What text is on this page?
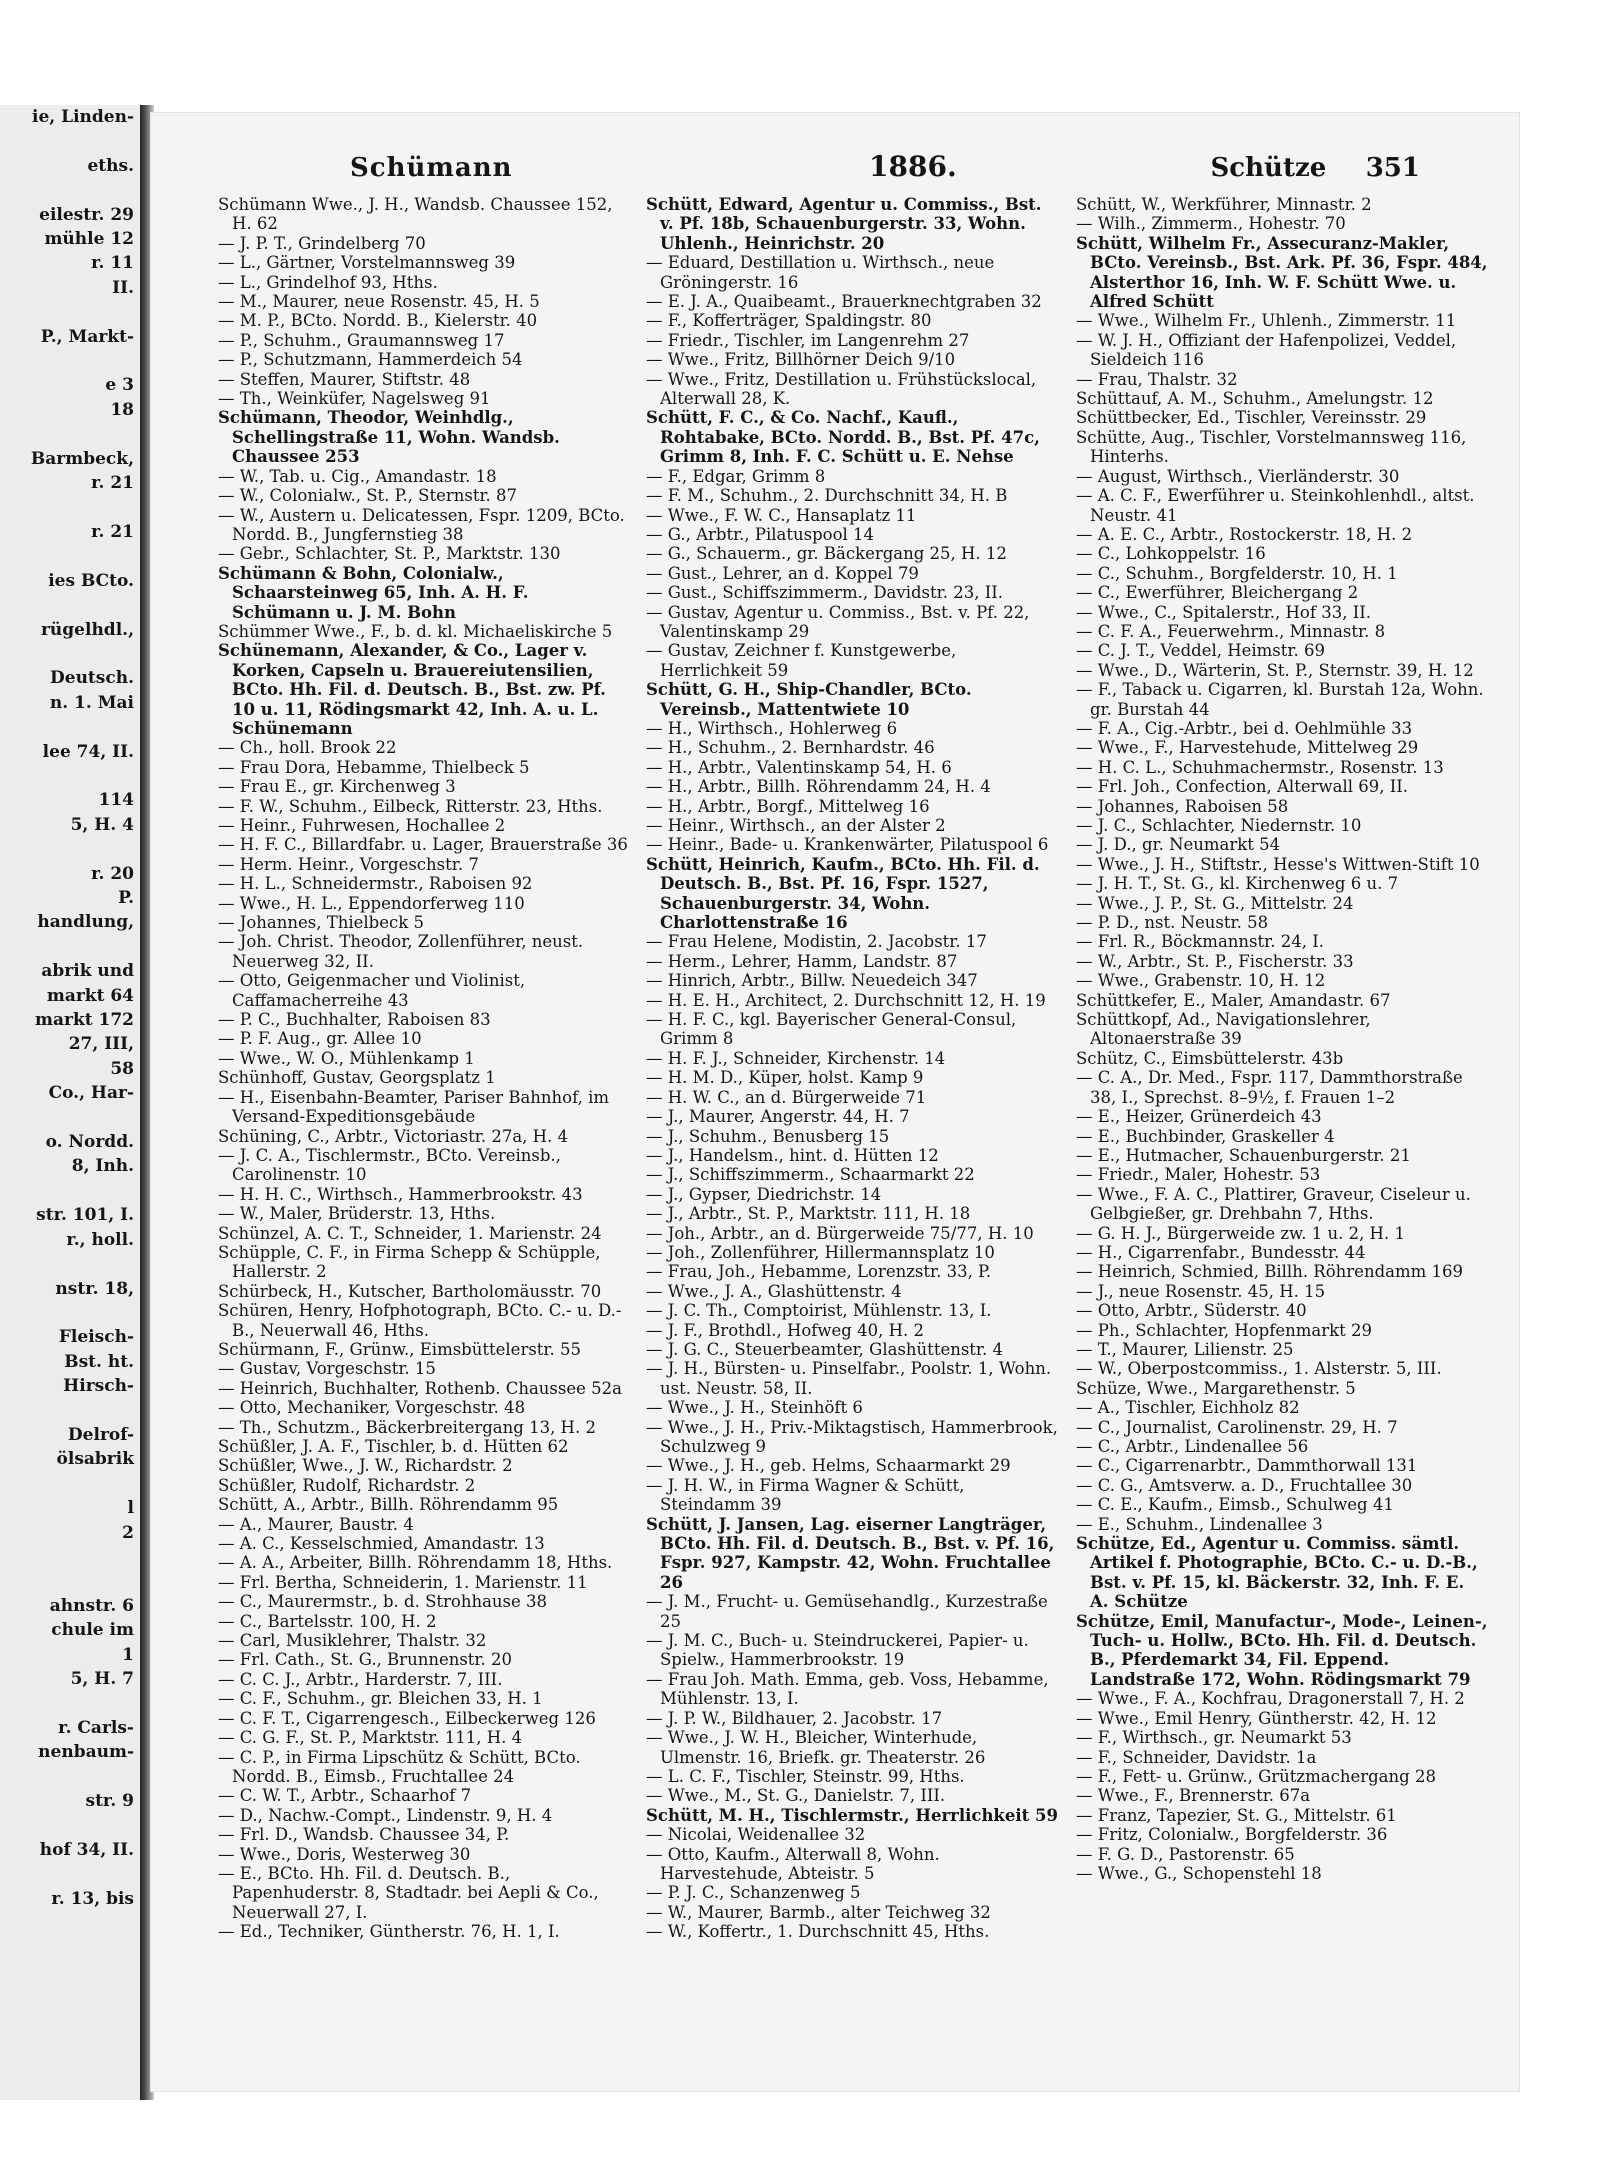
ie, Linden-

eths.

eilestr. 29
mühle 12
r. 11
II.

P., Markt-

e 3
18

Barmbeck,
r. 21

r. 21

ies BCto.

rügelhdl.,

Deutsch.
n. 1. Mai

lee 74, II.

114
5, H. 4

r. 20
P.
handlung,

abrik und
markt 64
markt 172
27, III,
58
Co., Har-

o. Nordd.
8, Inh.

str. 101, I.
r., holl.

nstr. 18,

Fleisch-
Bst. ht.
Hirsch-

Delrof-
ölsabrik

l
2

ahnstr. 6
chule im
1
5, H. 7

r. Carls-
nenbaum-

str. 9

hof 34, II.

r. 13, bis
Schümann	1886.	Schütze 351

Schümann Wwe., J. H., Wandsb. Chaussee 152, H. 62

— J. P. T., Grindelberg 70

— L., Gärtner, Vorstelmannsweg 39

— L., Grindelhof 93, Hths.

— M., Maurer, neue Rosenstr. 45, H. 5

— M. P., BCto. Nordd. B., Kielerstr. 40

— P., Schuhm., Graumannsweg 17

— P., Schutzmann, Hammerdeich 54

— Steffen, Maurer, Stiftstr. 48

— Th., Weinküfer, Nagelsweg 91

Schümann, Theodor, Weinhdlg., Schellingstraße 11, Wohn. Wandsb. Chaussee 253

— W., Tab. u. Cig., Amandastr. 18

— W., Colonialw., St. P., Sternstr. 87

— W., Austern u. Delicatessen, Fspr. 1209, BCto. Nordd. B., Jungfernstieg 38

— Gebr., Schlachter, St. P., Marktstr. 130

Schümann & Bohn, Colonialw., Schaarsteinweg 65, Inh. A. H. F. Schümann u. J. M. Bohn

Schümmer Wwe., F., b. d. kl. Michaeliskirche 5

Schünemann, Alexander, & Co., Lager v. Korken, Capseln u. Brauereiutensilien, BCto. Hh. Fil. d. Deutsch. B., Bst. zw. Pf. 10 u. 11, Rödingsmarkt 42, Inh. A. u. L. Schünemann

— Ch., holl. Brook 22

— Frau Dora, Hebamme, Thielbeck 5

— Frau E., gr. Kirchenweg 3

— F. W., Schuhm., Eilbeck, Ritterstr. 23, Hths.

— Heinr., Fuhrwesen, Hochallee 2

— H. F. C., Billardfabr. u. Lager, Brauerstraße 36

— Herm. Heinr., Vorgeschstr. 7

— H. L., Schneidermstr., Raboisen 92

— Wwe., H. L., Eppendorferweg 110

— Johannes, Thielbeck 5

— Joh. Christ. Theodor, Zollenführer, neust. Neuerweg 32, II.

— Otto, Geigenmacher und Violinist, Caffamacherreihe 43

— P. C., Buchhalter, Raboisen 83

— P. F. Aug., gr. Allee 10

— Wwe., W. O., Mühlenkamp 1

Schünhoff, Gustav, Georgsplatz 1

— H., Eisenbahn-Beamter, Pariser Bahnhof, im Versand-Expeditionsgebäude

Schüning, C., Arbtr., Victoriastr. 27a, H. 4

— J. C. A., Tischlermstr., BCto. Vereinsb., Carolinenstr. 10

— H. H. C., Wirthsch., Hammerbrookstr. 43

— W., Maler, Brüderstr. 13, Hths.

Schünzel, A. C. T., Schneider, 1. Marienstr. 24

Schüpple, C. F., in Firma Schepp & Schüpple, Hallerstr. 2

Schürbeck, H., Kutscher, Bartholomäusstr. 70

Schüren, Henry, Hofphotograph, BCto. C.- u. D.-B., Neuerwall 46, Hths.

Schürmann, F., Grünw., Eimsbüttelerstr. 55

— Gustav, Vorgeschstr. 15

— Heinrich, Buchhalter, Rothenb. Chaussee 52a

— Otto, Mechaniker, Vorgeschstr. 48

— Th., Schutzm., Bäckerbreitergang 13, H. 2

Schüßler, J. A. F., Tischler, b. d. Hütten 62

Schüßler, Wwe., J. W., Richardstr. 2

Schüßler, Rudolf, Richardstr. 2

Schütt, A., Arbtr., Billh. Röhrendamm 95

— A., Maurer, Baustr. 4

— A. C., Kesselschmied, Amandastr. 13

— A. A., Arbeiter, Billh. Röhrendamm 18, Hths.

— Frl. Bertha, Schneiderin, 1. Marienstr. 11

— C., Maurermstr., b. d. Strohhause 38

— C., Bartelsstr. 100, H. 2

— Carl, Musiklehrer, Thalstr. 32

— Frl. Cath., St. G., Brunnenstr. 20

— C. C. J., Arbtr., Harderstr. 7, III.

— C. F., Schuhm., gr. Bleichen 33, H. 1

— C. F. T., Cigarrengesch., Eilbeckerweg 126

— C. G. F., St. P., Marktstr. 111, H. 4

— C. P., in Firma Lipschütz & Schütt, BCto. Nordd. B., Eimsb., Fruchtallee 24

— C. W. T., Arbtr., Schaarhof 7

— D., Nachw.-Compt., Lindenstr. 9, H. 4

— Frl. D., Wandsb. Chaussee 34, P.

— Wwe., Doris, Westerweg 30

— E., BCto. Hh. Fil. d. Deutsch. B., Papenhuderstr. 8, Stadtadr. bei Aepli & Co., Neuerwall 27, I.

— Ed., Techniker, Güntherstr. 76, H. 1, I.

Schütt, Edward, Agentur u. Commiss., Bst. v. Pf. 18b, Schauenburgerstr. 33, Wohn. Uhlenh., Heinrichstr. 20

— Eduard, Destillation u. Wirthsch., neue Gröningerstr. 16

— E. J. A., Quaibeamt., Brauerknechtgraben 32

— F., Kofferträger, Spaldingstr. 80

— Friedr., Tischler, im Langenrehm 27

— Wwe., Fritz, Billhörner Deich 9/10

— Wwe., Fritz, Destillation u. Frühstückslocal, Alterwall 28, K.

Schütt, F. C., & Co. Nachf., Kaufl., Rohtabake, BCto. Nordd. B., Bst. Pf. 47c, Grimm 8, Inh. F. C. Schütt u. E. Nehse

— F., Edgar, Grimm 8

— F. M., Schuhm., 2. Durchschnitt 34, H. B

— Wwe., F. W. C., Hansaplatz 11

— G., Arbtr., Pilatuspool 14

— G., Schauerm., gr. Bäckergang 25, H. 12

— Gust., Lehrer, an d. Koppel 79

— Gust., Schiffszimmerm., Davidstr. 23, II.

— Gustav, Agentur u. Commiss., Bst. v. Pf. 22, Valentinskamp 29

— Gustav, Zeichner f. Kunstgewerbe, Herrlichkeit 59

Schütt, G. H., Ship-Chandler, BCto. Vereinsb., Mattentwiete 10

— H., Wirthsch., Hohlerweg 6

— H., Schuhm., 2. Bernhardstr. 46

— H., Arbtr., Valentinskamp 54, H. 6

— H., Arbtr., Billh. Röhrendamm 24, H. 4

— H., Arbtr., Borgf., Mittelweg 16

— Heinr., Wirthsch., an der Alster 2

— Heinr., Bade- u. Krankenwärter, Pilatuspool 6

Schütt, Heinrich, Kaufm., BCto. Hh. Fil. d. Deutsch. B., Bst. Pf. 16, Fspr. 1527, Schauenburgerstr. 34, Wohn. Charlottenstraße 16

— Frau Helene, Modistin, 2. Jacobstr. 17

— Herm., Lehrer, Hamm, Landstr. 87

— Hinrich, Arbtr., Billw. Neuedeich 347

— H. E. H., Architect, 2. Durchschnitt 12, H. 19

— H. F. C., kgl. Bayerischer General-Consul, Grimm 8

— H. F. J., Schneider, Kirchenstr. 14

— H. M. D., Küper, holst. Kamp 9

— H. W. C., an d. Bürgerweide 71

— J., Maurer, Angerstr. 44, H. 7

— J., Schuhm., Benusberg 15

— J., Handelsm., hint. d. Hütten 12

— J., Schiffszimmerm., Schaarmarkt 22

— J., Gypser, Diedrichstr. 14

— J., Arbtr., St. P., Marktstr. 111, H. 18

— Joh., Arbtr., an d. Bürgerweide 75/77, H. 10

— Joh., Zollenführer, Hillermannsplatz 10

— Frau, Joh., Hebamme, Lorenzstr. 33, P.

— Wwe., J. A., Glashüttenstr. 4

— J. C. Th., Comptoirist, Mühlenstr. 13, I.

— J. F., Brothdl., Hofweg 40, H. 2

— J. G. C., Steuerbeamter, Glashüttenstr. 4

— J. H., Bürsten- u. Pinselfabr., Poolstr. 1, Wohn. ust. Neustr. 58, II.

— Wwe., J. H., Steinhöft 6

— Wwe., J. H., Priv.-Miktagstisch, Hammerbrook, Schulzweg 9

— Wwe., J. H., geb. Helms, Schaarmarkt 29

— J. H. W., in Firma Wagner & Schütt, Steindamm 39

Schütt, J. Jansen, Lag. eiserner Langträger, BCto. Hh. Fil. d. Deutsch. B., Bst. v. Pf. 16, Fspr. 927, Kampstr. 42, Wohn. Fruchtallee 26

— J. M., Frucht- u. Gemüsehandlg., Kurzestraße 25

— J. M. C., Buch- u. Steindruckerei, Papier- u. Spielw., Hammerbrookstr. 19

— Frau Joh. Math. Emma, geb. Voss, Hebamme, Mühlenstr. 13, I.

— J. P. W., Bildhauer, 2. Jacobstr. 17

— Wwe., J. W. H., Bleicher, Winterhude, Ulmenstr. 16, Briefk. gr. Theaterstr. 26

— L. C. F., Tischler, Steinstr. 99, Hths.

— Wwe., M., St. G., Danielstr. 7, III.

Schütt, M. H., Tischlermstr., Herrlichkeit 59

— Nicolai, Weidenallee 32

— Otto, Kaufm., Alterwall 8, Wohn. Harvestehude, Abteistr. 5

— P. J. C., Schanzenweg 5

— W., Maurer, Barmb., alter Teichweg 32

— W., Koffertr., 1. Durchschnitt 45, Hths.

Schütt, W., Werkführer, Minnastr. 2

— Wilh., Zimmerm., Hohestr. 70

Schütt, Wilhelm Fr., Assecuranz-Makler, BCto. Vereinsb., Bst. Ark. Pf. 36, Fspr. 484, Alsterthor 16, Inh. W. F. Schütt Wwe. u. Alfred Schütt

— Wwe., Wilhelm Fr., Uhlenh., Zimmerstr. 11

— W. J. H., Offiziant der Hafenpolizei, Veddel, Sieldeich 116

— Frau, Thalstr. 32

Schüttauf, A. M., Schuhm., Amelungstr. 12

Schüttbecker, Ed., Tischler, Vereinsstr. 29

Schütte, Aug., Tischler, Vorstelmannsweg 116, Hinterhs.

— August, Wirthsch., Vierländerstr. 30

— A. C. F., Ewerführer u. Steinkohlenhdl., altst. Neustr. 41

— A. E. C., Arbtr., Rostockerstr. 18, H. 2

— C., Lohkoppelstr. 16

— C., Schuhm., Borgfelderstr. 10, H. 1

— C., Ewerführer, Bleichergang 2

— Wwe., C., Spitalerstr., Hof 33, II.

— C. F. A., Feuerwehrm., Minnastr. 8

— C. J. T., Veddel, Heimstr. 69

— Wwe., D., Wärterin, St. P., Sternstr. 39, H. 12

— F., Taback u. Cigarren, kl. Burstah 12a, Wohn. gr. Burstah 44

— F. A., Cig.-Arbtr., bei d. Oehlmühle 33

— Wwe., F., Harvestehude, Mittelweg 29

— H. C. L., Schuhmachermstr., Rosenstr. 13

— Frl. Joh., Confection, Alterwall 69, II.

— Johannes, Raboisen 58

— J. C., Schlachter, Niedernstr. 10

— J. D., gr. Neumarkt 54

— Wwe., J. H., Stiftstr., Hesse's Wittwen-Stift 10

— J. H. T., St. G., kl. Kirchenweg 6 u. 7

— Wwe., J. P., St. G., Mittelstr. 24

— P. D., nst. Neustr. 58

— Frl. R., Böckmannstr. 24, I.

— W., Arbtr., St. P., Fischerstr. 33

— Wwe., Grabenstr. 10, H. 12

Schüttkefer, E., Maler, Amandastr. 67

Schüttkopf, Ad., Navigationslehrer, Altonaerstraße 39

Schütz, C., Eimsbüttelerstr. 43b

— C. A., Dr. Med., Fspr. 117, Dammthorstraße 38, I., Sprechst. 8–9½, f. Frauen 1–2

— E., Heizer, Grünerdeich 43

— E., Buchbinder, Graskeller 4

— E., Hutmacher, Schauenburgerstr. 21

— Friedr., Maler, Hohestr. 53

— Wwe., F. A. C., Plattirer, Graveur, Ciseleur u. Gelbgießer, gr. Drehbahn 7, Hths.

— G. H. J., Bürgerweide zw. 1 u. 2, H. 1

— H., Cigarrenfabr., Bundesstr. 44

— Heinrich, Schmied, Billh. Röhrendamm 169

— J., neue Rosenstr. 45, H. 15

— Otto, Arbtr., Süderstr. 40

— Ph., Schlachter, Hopfenmarkt 29

— T., Maurer, Lilienstr. 25

— W., Oberpostcommiss., 1. Alsterstr. 5, III.

Schüze, Wwe., Margarethenstr. 5

— A., Tischler, Eichholz 82

— C., Journalist, Carolinenstr. 29, H. 7

— C., Arbtr., Lindenallee 56

— C., Cigarrenarbtr., Dammthorwall 131

— C. G., Amtsverw. a. D., Fruchtallee 30

— C. E., Kaufm., Eimsb., Schulweg 41

— E., Schuhm., Lindenallee 3

Schütze, Ed., Agentur u. Commiss. sämtl. Artikel f. Photographie, BCto. C.- u. D.-B., Bst. v. Pf. 15, kl. Bäckerstr. 32, Inh. F. E. A. Schütze

Schütze, Emil, Manufactur-, Mode-, Leinen-, Tuch- u. Hollw., BCto. Hh. Fil. d. Deutsch. B., Pferdemarkt 34, Fil. Eppend. Landstraße 172, Wohn. Rödingsmarkt 79

— Wwe., F. A., Kochfrau, Dragonerstall 7, H. 2

— Wwe., Emil Henry, Güntherstr. 42, H. 12

— F., Wirthsch., gr. Neumarkt 53

— F., Schneider, Davidstr. 1a

— F., Fett- u. Grünw., Grützmachergang 28

— Wwe., F., Brennerstr. 67a

— Franz, Tapezier, St. G., Mittelstr. 61

— Fritz, Colonialw., Borgfelderstr. 36

— F. G. D., Pastorenstr. 65

— Wwe., G., Schopenstehl 18
